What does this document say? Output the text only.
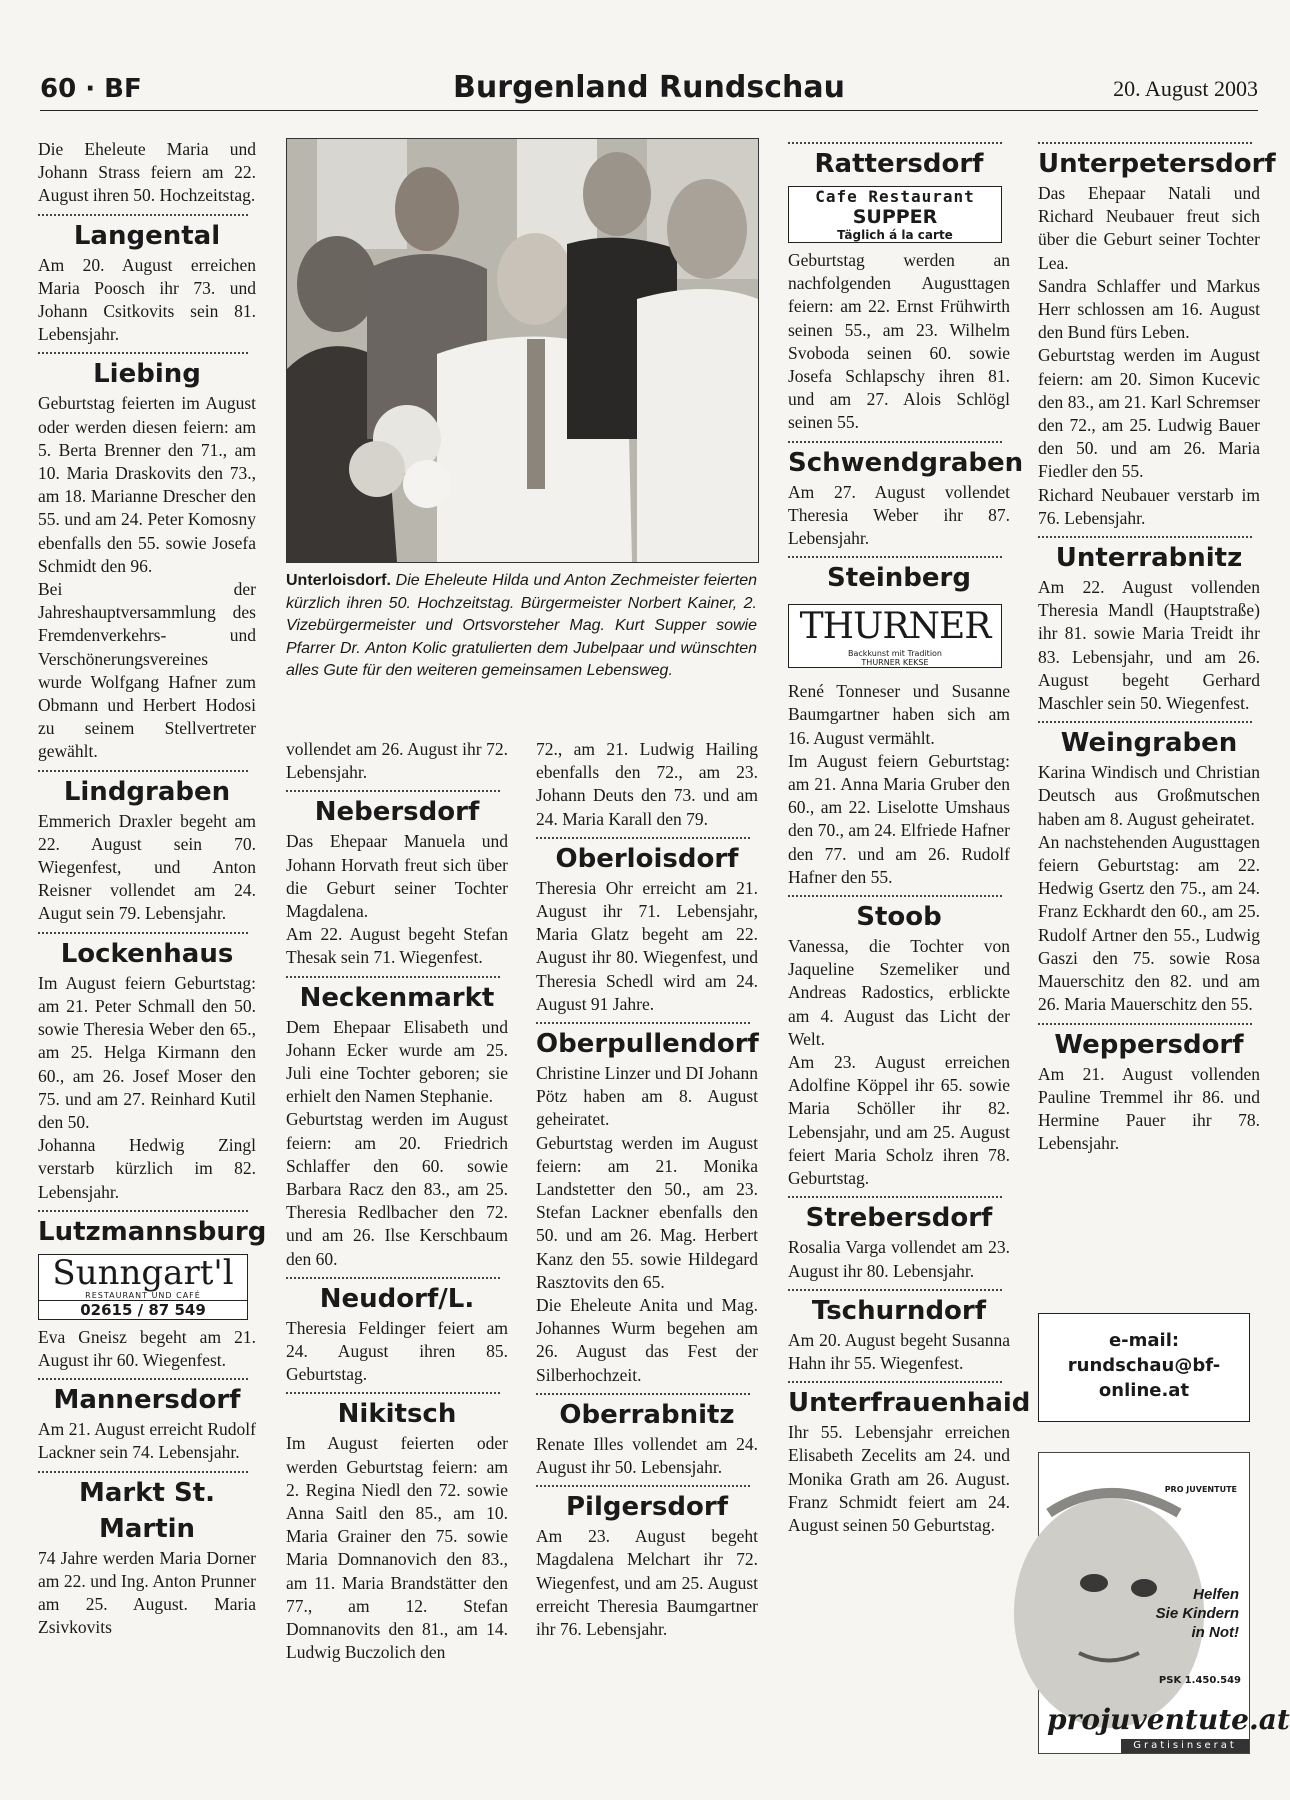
60 · BF	Burgenland Rundschau	20. August 2003

Die Eheleute Maria und Johann Strass feiern am 22. August ihren 50. Hochzeitstag.

Langental

Am 20. August erreichen Maria Poosch ihr 73. und Johann Csitkovits sein 81. Lebensjahr.

Liebing

Geburtstag feierten im August oder werden diesen feiern: am 5. Berta Brenner den 71., am 10. Maria Draskovits den 73., am 18. Marianne Drescher den 55. und am 24. Peter Komosny ebenfalls den 55. sowie Josefa Schmidt den 96.

Bei der Jahreshauptversammlung des Fremdenverkehrs- und Verschönerungsvereines wurde Wolfgang Hafner zum Obmann und Herbert Hodosi zu seinem Stellvertreter gewählt.

Lindgraben

Emmerich Draxler begeht am 22. August sein 70. Wiegenfest, und Anton Reisner vollendet am 24. Augut sein 79. Lebensjahr.

Lockenhaus

Im August feiern Geburtstag: am 21. Peter Schmall den 50. sowie Theresia Weber den 65., am 25. Helga Kirmann den 60., am 26. Josef Moser den 75. und am 27. Reinhard Kutil den 50.

Johanna Hedwig Zingl verstarb kürzlich im 82. Lebensjahr.

Lutzmannsburg
Sunngart'l
RESTAURANT UND CAFÉ
02615 / 87 549

Eva Gneisz begeht am 21. August ihr 60. Wiegenfest.

Mannersdorf

Am 21. August erreicht Rudolf Lackner sein 74. Lebensjahr.

Markt St. Martin

74 Jahre werden Maria Dorner am 22. und Ing. Anton Prunner am 25. August. Maria Zsivkovits

Unterloisdorf. Die Eheleute Hilda und Anton Zechmeister feierten kürzlich ihren 50. Hochzeitstag. Bürgermeister Norbert Kainer, 2. Vizebürgermeister und Ortsvorsteher Mag. Kurt Supper sowie Pfarrer Dr. Anton Kolic gratulierten dem Jubelpaar und wünschten alles Gute für den weiteren gemeinsamen Lebensweg.

vollendet am 26. August ihr 72. Lebensjahr.

Nebersdorf

Das Ehepaar Manuela und Johann Horvath freut sich über die Geburt seiner Tochter Magdalena.

Am 22. August begeht Stefan Thesak sein 71. Wiegenfest.

Neckenmarkt

Dem Ehepaar Elisabeth und Johann Ecker wurde am 25. Juli eine Tochter geboren; sie erhielt den Namen Stephanie.

Geburtstag werden im August feiern: am 20. Friedrich Schlaffer den 60. sowie Barbara Racz den 83., am 25. Theresia Redlbacher den 72. und am 26. Ilse Kerschbaum den 60.

Neudorf/L.

Theresia Feldinger feiert am 24. August ihren 85. Geburtstag.

Nikitsch

Im August feierten oder werden Geburtstag feiern: am 2. Regina Niedl den 72. sowie Anna Saitl den 85., am 10. Maria Grainer den 75. sowie Maria Domnanovich den 83., am 11. Maria Brandstätter den 77., am 12. Stefan Domnanovits den 81., am 14. Ludwig Buczolich den

72., am 21. Ludwig Hailing ebenfalls den 72., am 23. Johann Deuts den 73. und am 24. Maria Karall den 79.

Oberloisdorf

Theresia Ohr erreicht am 21. August ihr 71. Lebensjahr, Maria Glatz begeht am 22. August ihr 80. Wiegenfest, und Theresia Schedl wird am 24. August 91 Jahre.

Oberpullendorf

Christine Linzer und DI Johann Pötz haben am 8. August geheiratet.

Geburtstag werden im August feiern: am 21. Monika Landstetter den 50., am 23. Stefan Lackner ebenfalls den 50. und am 26. Mag. Herbert Kanz den 55. sowie Hildegard Rasztovits den 65.

Die Eheleute Anita und Mag. Johannes Wurm begehen am 26. August das Fest der Silberhochzeit.

Oberrabnitz

Renate Illes vollendet am 24. August ihr 50. Lebensjahr.

Pilgersdorf

Am 23. August begeht Magdalena Melchart ihr 72. Wiegenfest, und am 25. August erreicht Theresia Baumgartner ihr 76. Lebensjahr.

Rattersdorf
Cafe Restaurant
SUPPER
Täglich á la carte

Geburtstag werden an nachfolgenden Augusttagen feiern: am 22. Ernst Frühwirth seinen 55., am 23. Wilhelm Svoboda seinen 60. sowie Josefa Schlapschy ihren 81. und am 27. Alois Schlögl seinen 55.

Schwendgraben

Am 27. August vollendet Theresia Weber ihr 87. Lebensjahr.

Steinberg
THURNER
Backkunst mit Tradition
THURNER KEKSE

René Tonneser und Susanne Baumgartner haben sich am 16. August vermählt.

Im August feiern Geburtstag: am 21. Anna Maria Gruber den 60., am 22. Liselotte Umshaus den 70., am 24. Elfriede Hafner den 77. und am 26. Rudolf Hafner den 55.

Stoob

Vanessa, die Tochter von Jaqueline Szemeliker und Andreas Radostics, erblickte am 4. August das Licht der Welt.

Am 23. August erreichen Adolfine Köppel ihr 65. sowie Maria Schöller ihr 82. Lebensjahr, und am 25. August feiert Maria Scholz ihren 78. Geburtstag.

Strebersdorf

Rosalia Varga vollendet am 23. August ihr 80. Lebensjahr.

Tschurndorf

Am 20. August begeht Susanna Hahn ihr 55. Wiegenfest.

Unterfrauenhaid

Ihr 55. Lebensjahr erreichen Elisabeth Zecelits am 24. und Monika Grath am 26. August. Franz Schmidt feiert am 24. August seinen 50 Geburtstag.

Unterpetersdorf

Das Ehepaar Natali und Richard Neubauer freut sich über die Geburt seiner Tochter Lea.

Sandra Schlaffer und Markus Herr schlossen am 16. August den Bund fürs Leben.

Geburtstag werden im August feiern: am 20. Simon Kucevic den 83., am 21. Karl Schremser den 72., am 25. Ludwig Bauer den 50. und am 26. Maria Fiedler den 55.

Richard Neubauer verstarb im 76. Lebensjahr.

Unterrabnitz

Am 22. August vollenden Theresia Mandl (Hauptstraße) ihr 81. sowie Maria Treidt ihr 83. Lebensjahr, und am 26. August begeht Gerhard Maschler sein 50. Wiegenfest.

Weingraben

Karina Windisch und Christian Deutsch aus Großmutschen haben am 8. August geheiratet.

An nachstehenden Augusttagen feiern Geburtstag: am 22. Hedwig Gsertz den 75., am 24. Franz Eckhardt den 60., am 25. Rudolf Artner den 55., Ludwig Gaszi den 75. sowie Rosa Mauerschitz den 82. und am 26. Maria Mauerschitz den 55.

Weppersdorf

Am 21. August vollenden Pauline Tremmel ihr 86. und Hermine Pauer ihr 78. Lebensjahr.

e-mail:
rundschau@bf-
online.at
PRO JUVENTUTE
Helfen
Sie Kindern
in Not!
PSK 1.450.549
projuventute.at
Gratisinserat
